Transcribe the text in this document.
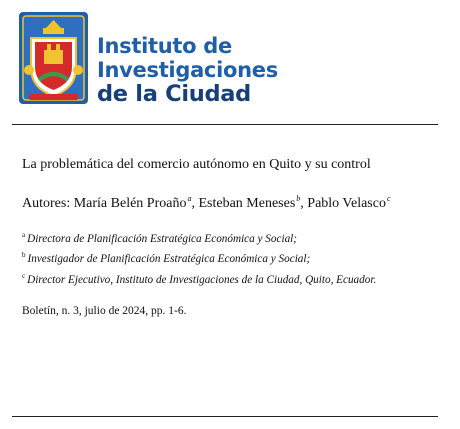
Instituto de
Investigaciones
de la Ciudad
La problemática del comercio autónomo en Quito y su control
Autores: María Belén Proaño$^a$, Esteban Meneses$^b$, Pablo Velasco$^c$
$^a$ Directora de Planificación Estratégica Económica y Social;
$^b$ Investigador de Planificación Estratégica Económica y Social;
$^c$ Director Ejecutivo, Instituto de Investigaciones de la Ciudad, Quito, Ecuador.
Boletín, n. 3, julio de 2024, pp. 1-6.
